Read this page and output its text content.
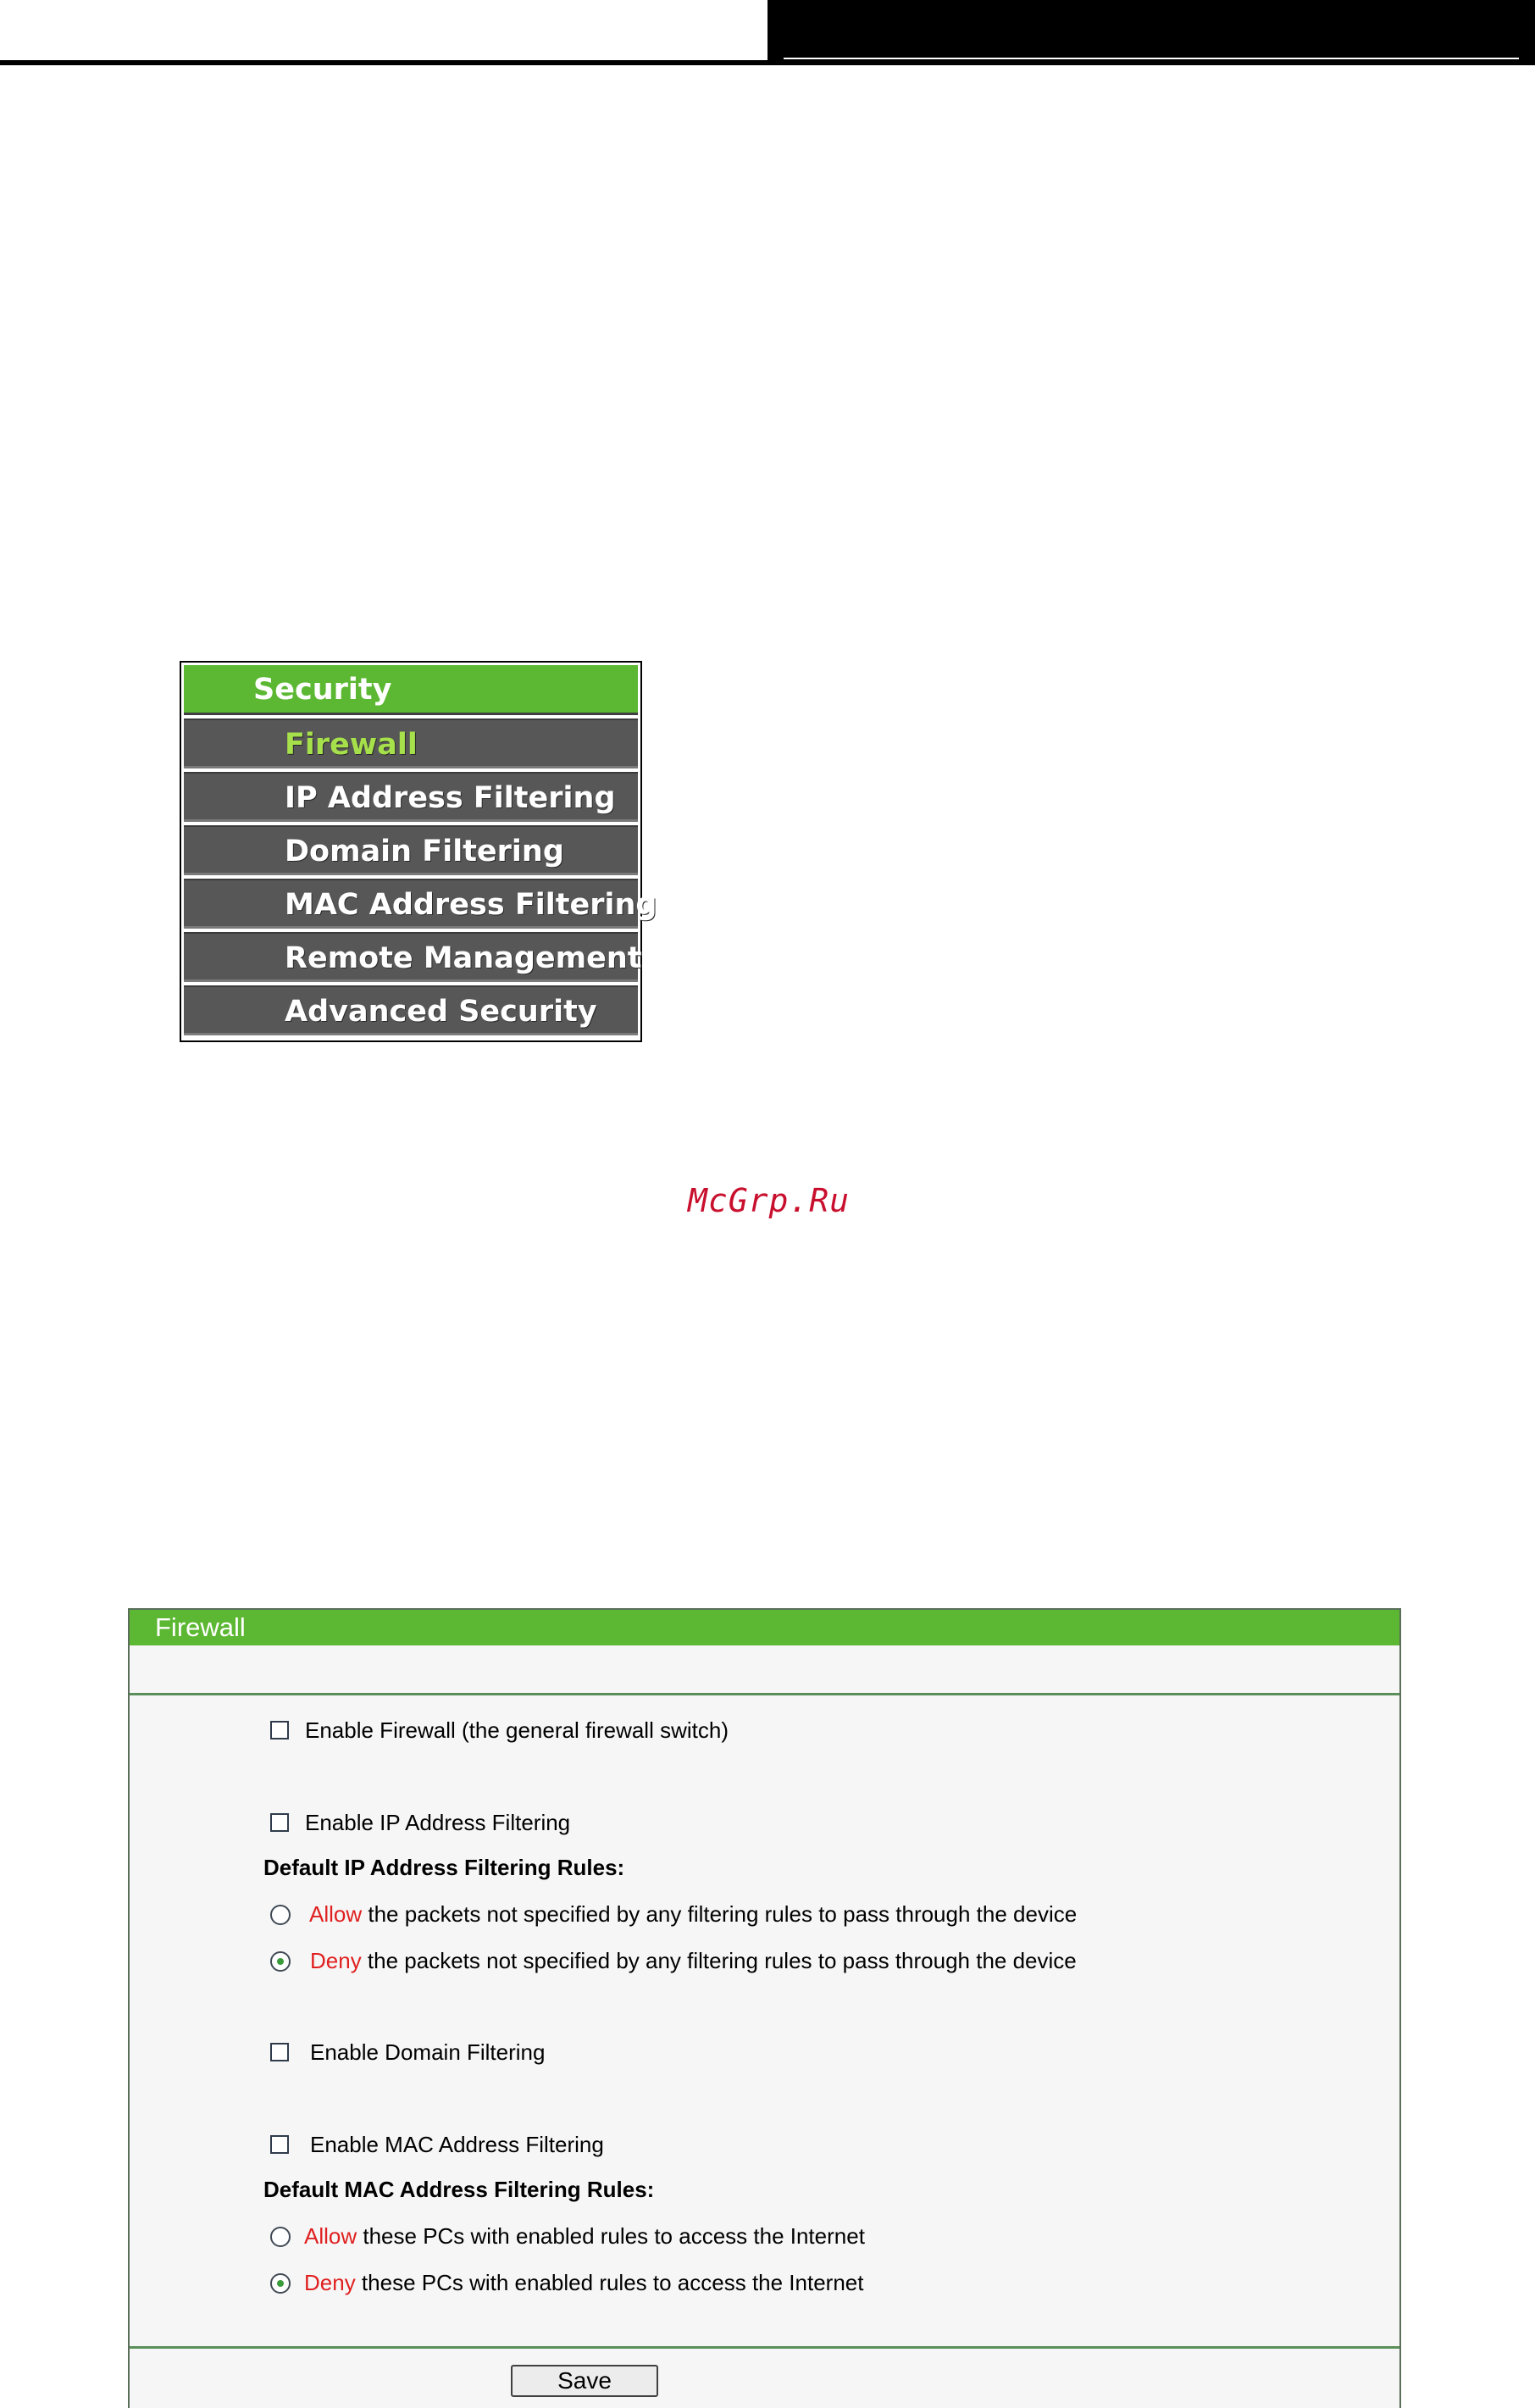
Security
Firewall
IP Address Filtering
Domain Filtering
MAC Address Filtering
Remote Management
Advanced Security
McGrp.Ru
Firewall
Enable Firewall (the general firewall switch)
Enable IP Address Filtering
Default IP Address Filtering Rules:
Allow the packets not specified by any filtering rules to pass through the device
Deny the packets not specified by any filtering rules to pass through the device
Enable Domain Filtering
Enable MAC Address Filtering
Default MAC Address Filtering Rules:
Allow these PCs with enabled rules to access the Internet
Deny these PCs with enabled rules to access the Internet
Save
